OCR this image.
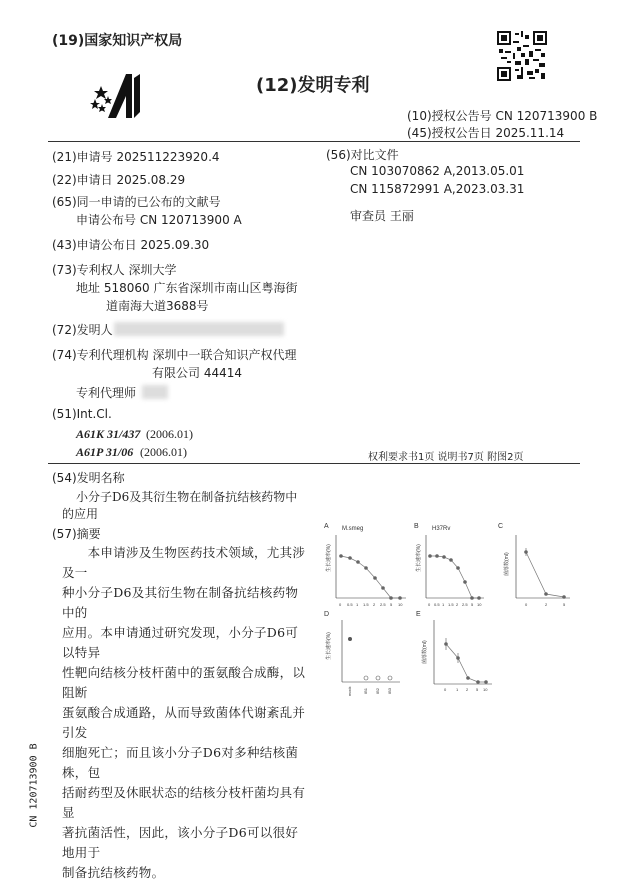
(19)国家知识产权局
(12)发明专利
(10)授权公告号 CN 120713900 B
(45)授权公告日 2025.11.14
(21)申请号 202511223920.4
(22)申请日 2025.08.29
(65)同一申请的已公布的文献号
申请公布号 CN 120713900 A
(43)申请公布日 2025.09.30
(73)专利权人 深圳大学
地址 518060 广东省深圳市南山区粤海街
道南海大道3688号
(72)发明人
(74)专利代理机构 深圳中一联合知识产权代理
有限公司 44414
专利代理师
(51)Int.Cl.
A61K 31/437 (2006.01)
A61P 31/06 (2006.01)
(56)对比文件
CN 103070862 A,2013.05.01
CN 115872991 A,2023.03.31
审查员 王丽
权利要求书1页 说明书7页 附图2页
(54)发明名称
小分子D6及其衍生物在制备抗结核药物中
的应用
(57)摘要
　　本申请涉及生物医药技术领域，尤其涉及一
种小分子D6及其衍生物在制备抗结核药物中的
应用。本申请通过研究发现，小分子D6可以特异
性靶向结核分枝杆菌中的蛋氨酸合成酶，以阻断
蛋氨酸合成通路，从而导致菌体代谢紊乱并引发
细胞死亡；而且该小分子D6对多种结核菌株，包
括耐药型及休眠状态的结核分枝杆菌均具有显
著抗菌活性，因此，该小分子D6可以很好地用于
制备抗结核药物。
A M.smeg
生长速率(%)
0 0.5 1 1.5 2 2.5 5 10
B H37Rv
生长速率(%)
0 0.5 1 1.5 2 2.5 5 10
C
菌落数(ml)
0	2	5
D
生长速率(%)
mock	IB1 IB2 IB3
E
菌落数(ml)
0 1 2 5 10
CN 120713900 B
